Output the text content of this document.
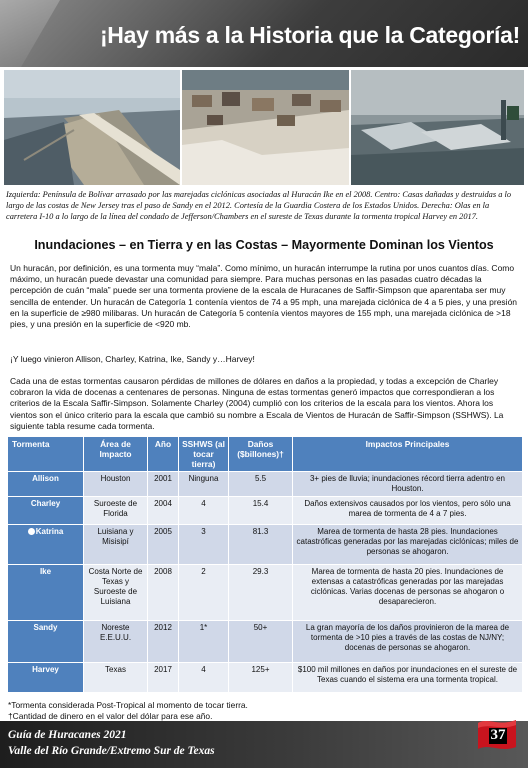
¡Hay más a la Historia que la Categoría!

Izquierda: Península de Bolívar arrasado por las marejadas ciclónicas asociadas al Huracán Ike en el 2008. Centro: Casas dañadas y destruidas a lo largo de las costas de New Jersey tras el paso de Sandy en el 2012. Cortesía de la Guardia Costera de los Estados Unidos. Derecha: Olas en la carretera I-10 a lo largo de la línea del condado de Jefferson/Chambers en el sureste de Texas durante la tormenta tropical Harvey en 2017.

Inundaciones – en Tierra y en las Costas – Mayormente Dominan los Vientos

Un huracán, por definición, es una tormenta muy “mala”. Como mínimo, un huracán interrumpe la rutina por unos cuantos días. Como máximo, un huracán puede devastar una comunidad para siempre. Para muchas personas en las pasadas cuatro décadas la percepción de cuán “mala” puede ser una tormenta proviene de la escala de Huracanes de Saffir-Simpson que aparentaba ser muy sencilla de entender. Un huracán de Categoría 1 contenía vientos de 74 a 95 mph, una marejada ciclónica de 4 a 5 pies, y una presión en la superficie de ≥980 milibaras. Un huracán de Categoría 5 contenía vientos mayores de 155 mph, una marejada ciclónica de >18 pies, y una presión en la superficie de <920 mb.

¡Y luego vinieron Allison, Charley, Katrina, Ike, Sandy y…Harvey!

Cada una de estas tormentas causaron pérdidas de millones de dólares en daños a la propiedad, y todas a excepción de Charley cobraron la vida de docenas a centenares de personas. Ninguna de estas tormentas generó impactos que correspondieran a los criterios de la Escala Saffir-Simpson. Solamente Charley (2004) cumplió con los criterios de la escala para los vientos. Ahora los vientos son el único criterio para la escala que cambió su nombre a Escala de Vientos de Huracán de Saffir-Simpson (SSHWS). La siguiente tabla resume cada tormenta.

Tormenta	Área de Impacto	Año	SSHWS (al tocar tierra)	Daños ($billones)†	Impactos Principales
Allison	Houston	2001	Ninguna	5.5	3+ pies de lluvia; inundaciones récord tierra adentro en Houston.
Charley	Suroeste de Florida	2004	4	15.4	Daños extensivos causados por los vientos, pero sólo una marea de tormenta de 4 a 7 pies.
Katrina	Luisiana y Misisipí	2005	3	81.3	Marea de tormenta de hasta 28 pies. Inundaciones catastróficas generadas por las marejadas ciclónicas; miles de personas se ahogaron.
Ike	Costa Norte de Texas y Suroeste de Luisiana	2008	2	29.3	Marea de tormenta de hasta 20 pies. Inundaciones de extensas a catastróficas generadas por las marejadas ciclónicas. Varias docenas de personas se ahogaron o desaparecieron.
Sandy	Noreste E.E.U.U.	2012	1*	50+	La gran mayoría de los daños provinieron de la marea de tormenta de >10 pies a través de las costas de NJ/NY; docenas de personas se ahogaron.
Harvey	Texas	2017	4	125+	$100 mil millones en daños por inundaciones en el sureste de Texas cuando el sistema era una tormenta tropical.
*Tormenta considerada Post-Tropical al momento de tocar tierra.
†Cantidad de dinero en el valor del dólar para ese año.
Guía de Huracanes 2021
Valle del Río Grande/Extremo Sur de Texas
37
